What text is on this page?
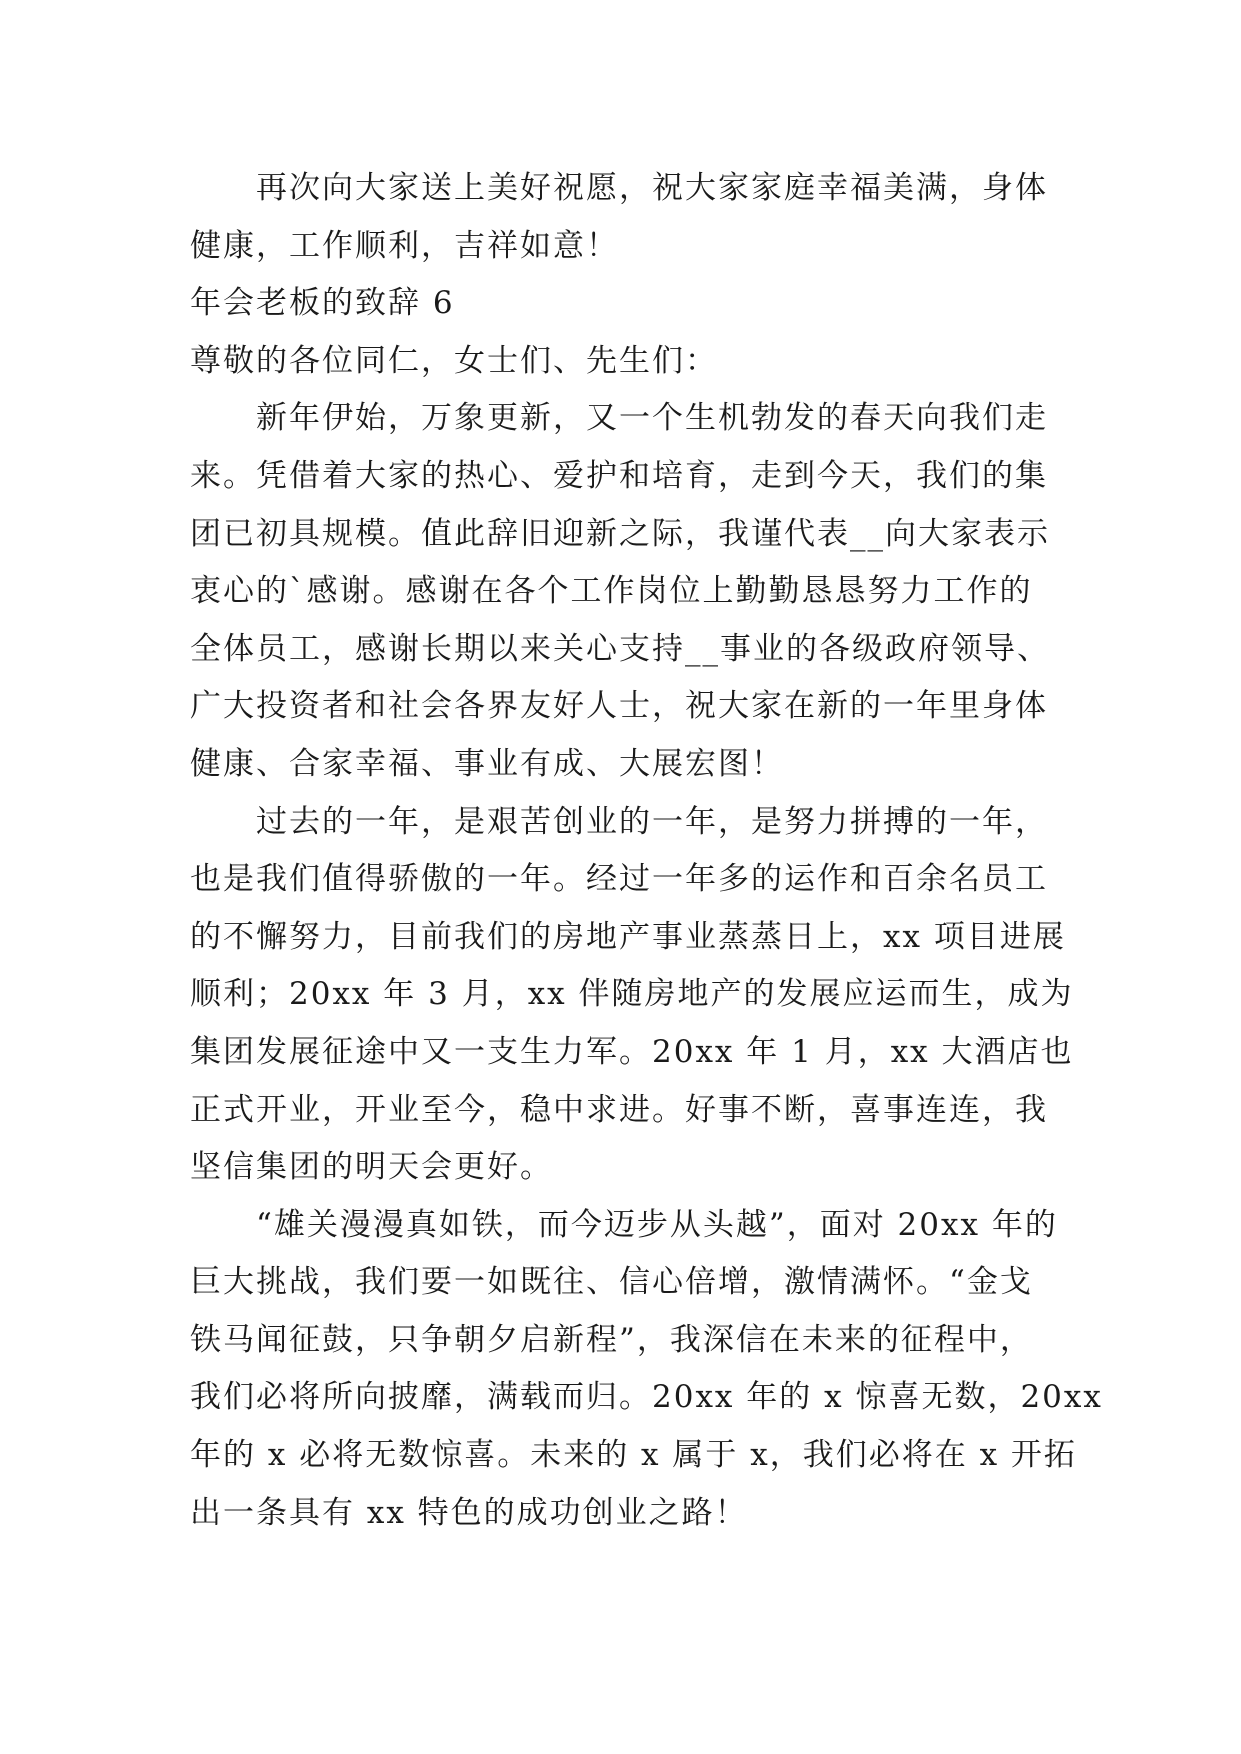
再次向大家送上美好祝愿，祝大家家庭幸福美满，身体
健康，工作顺利，吉祥如意！
年会老板的致辞 6
尊敬的各位同仁，女士们、先生们：
新年伊始，万象更新，又一个生机勃发的春天向我们走
来。凭借着大家的热心、爱护和培育，走到今天，我们的集
团已初具规模。值此辞旧迎新之际，我谨代表__向大家表示
衷心的`感谢。感谢在各个工作岗位上勤勤恳恳努力工作的
全体员工，感谢长期以来关心支持__事业的各级政府领导、
广大投资者和社会各界友好人士，祝大家在新的一年里身体
健康、合家幸福、事业有成、大展宏图！
过去的一年，是艰苦创业的一年，是努力拼搏的一年，
也是我们值得骄傲的一年。经过一年多的运作和百余名员工
的不懈努力，目前我们的房地产事业蒸蒸日上，xx 项目进展
顺利；20xx 年 3 月，xx 伴随房地产的发展应运而生，成为
集团发展征途中又一支生力军。20xx 年 1 月，xx 大酒店也
正式开业，开业至今，稳中求进。好事不断，喜事连连，我
坚信集团的明天会更好。
“雄关漫漫真如铁，而今迈步从头越”，面对 20xx 年的
巨大挑战，我们要一如既往、信心倍增，激情满怀。“金戈
铁马闻征鼓，只争朝夕启新程”，我深信在未来的征程中，
我们必将所向披靡，满载而归。20xx 年的 x 惊喜无数，20xx
年的 x 必将无数惊喜。未来的 x 属于 x，我们必将在 x 开拓
出一条具有 xx 特色的成功创业之路！
